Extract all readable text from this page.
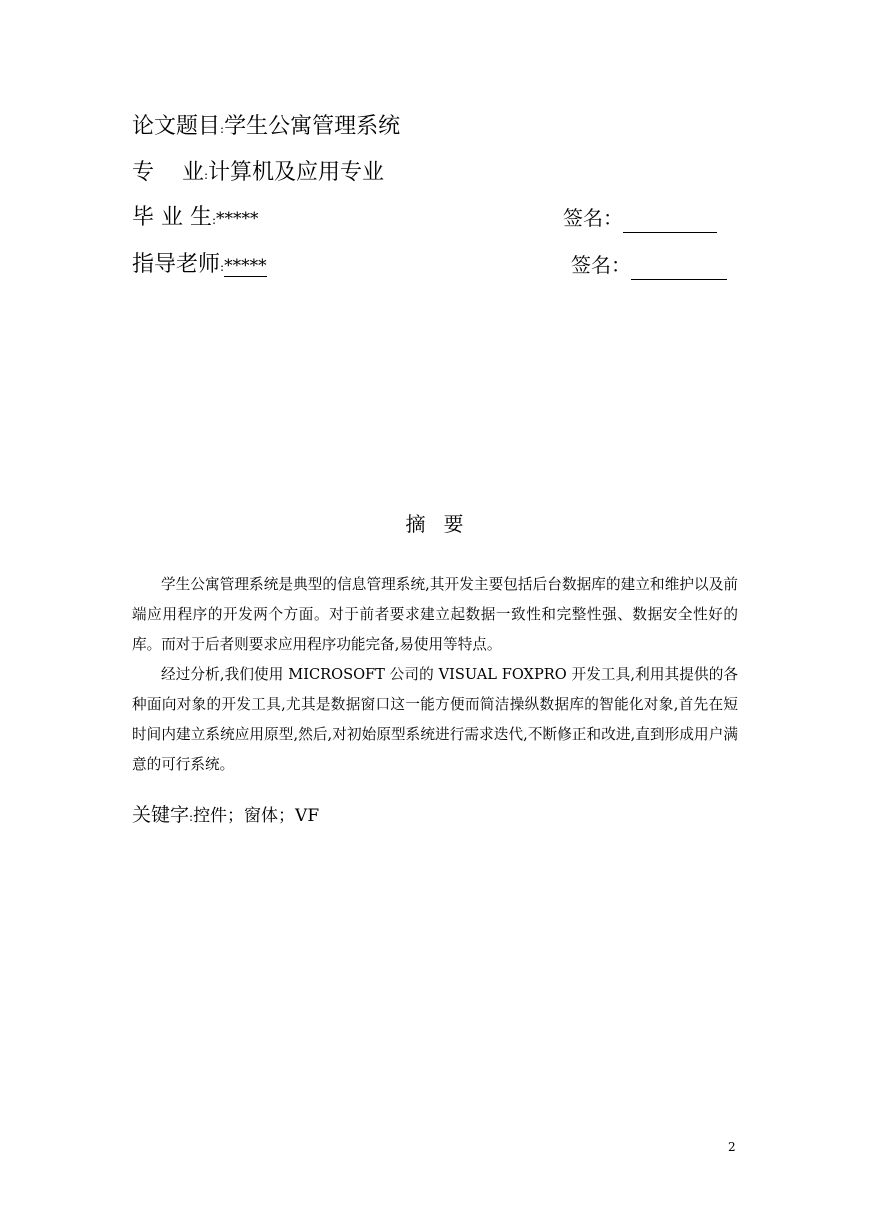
论文题目:学生公寓管理系统
专    业:计算机及应用专业
毕 业 生:*****	签名：
指导老师:*****	签名：
摘要

学生公寓管理系统是典型的信息管理系统,其开发主要包括后台数据库的建立和维护以及前端应用程序的开发两个方面。对于前者要求建立起数据一致性和完整性强、数据安全性好的库。而对于后者则要求应用程序功能完备,易使用等特点。

经过分析,我们使用 MICROSOFT 公司的 VISUAL FOXPRO 开发工具,利用其提供的各种面向对象的开发工具,尤其是数据窗口这一能方便而简洁操纵数据库的智能化对象,首先在短时间内建立系统应用原型,然后,对初始原型系统进行需求迭代,不断修正和改进,直到形成用户满意的可行系统。

关键字:控件；窗体；VF
2
